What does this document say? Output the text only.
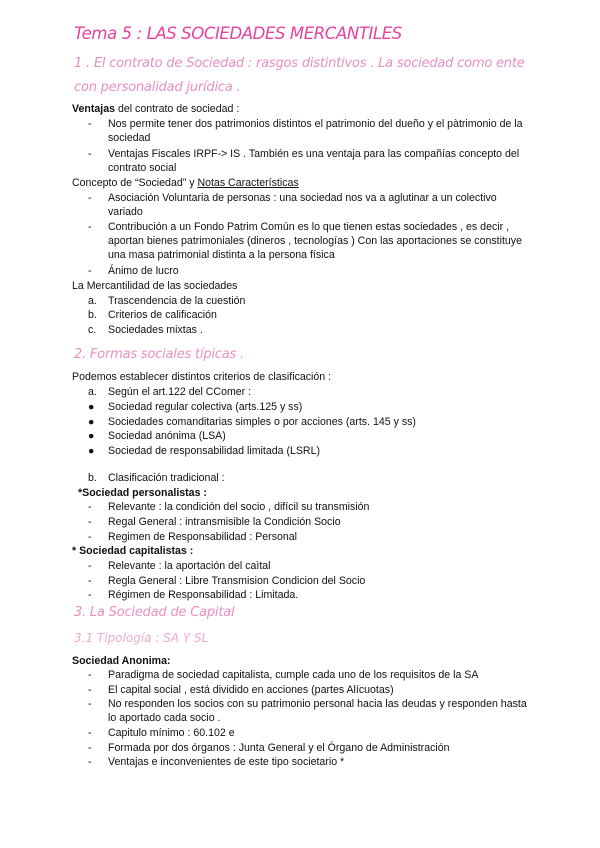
Tema 5 : LAS SOCIEDADES MERCANTILES
1 . El contrato de Sociedad : rasgos distintivos . La sociedad como ente
con personalidad jurídica .
Ventajas del contrato de sociedad :
-	Nos permite tener dos patrimonios distintos el patrimonio del dueño y el pàtrimonio de la sociedad
-	Ventajas Fiscales IRPF-> IS . También es una ventaja para las compañías concepto del contrato social
Concepto de “Sociedad” y Notas Características
-	Asociación Voluntaria de personas : una sociedad nos va a aglutinar a un colectivo variado
-	Contribución a un Fondo Patrim Común es lo que tienen estas sociedades , es decir , aportan bienes patrimoniales (dineros , tecnologías ) Con las aportaciones se constituye una masa patrimonial distinta a la persona física
-	Ánimo de lucro
La Mercantilidad de las sociedades
a.	Trascendencia de la cuestión
b.	Criterios de calificación
c.	Sociedades mixtas .
2. Formas sociales típicas .
Podemos establecer distintos criterios de clasificación :
a.	Según el art.122 del CComer :
●	Sociedad regular colectiva (arts.125 y ss)
●	Sociedades comanditarias simples o por acciones (arts. 145 y ss)
●	Sociedad anónima (LSA)
●	Sociedad de responsabilidad limitada (LSRL)
b.	Clasificación tradicional :
*Sociedad personalistas :
-	Relevante : la condición del socio , difícil su transmisión
-	Regal General : intransmisible la Condición Socio
-	Regimen de Responsabilidad : Personal
* Sociedad capitalistas :
-	Relevante : la aportación del caìtal
-	Regla General : Libre Transmision Condicion del Socio
-	Régimen de Responsabilidad : Limitada.
3. La Sociedad de Capital
3.1 Tipología : SA Y SL
Sociedad Anonima:
-	Paradigma de sociedad capitalista, cumple cada uno de los requisitos de la SA
-	El capital social , está dividido en acciones (partes Alícuotas)
-	No responden los socios con su patrimonio personal hacia las deudas y responden hasta lo aportado cada socio .
-	Capitulo mínimo : 60.102 e
-	Formada por dos órganos : Junta General y el Órgano de Administración
-	Ventajas e inconvenientes de este tipo societario *
